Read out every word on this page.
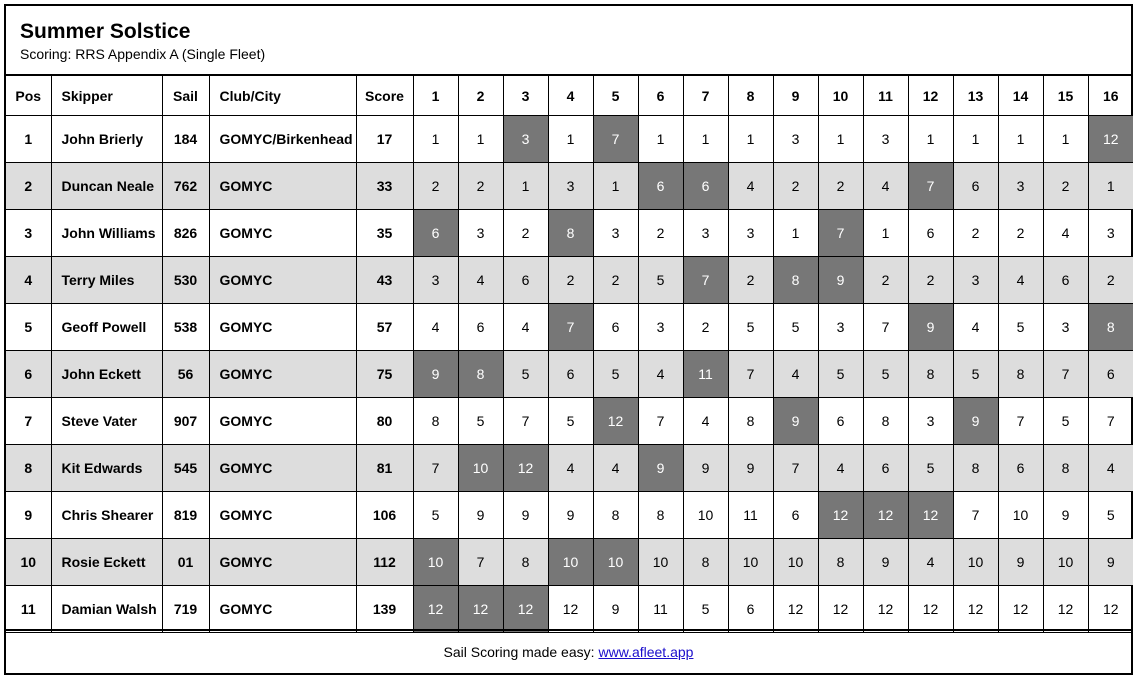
Summer Solstice
Scoring: RRS Appendix A (Single Fleet)
Pos	Skipper	Sail	Club/City	Score	1	2	3	4	5	6	7	8	9	10	11	12	13	14	15	16
1	John Brierly	184	GOMYC/Birkenhead	17	1	1	3	1	7	1	1	1	3	1	3	1	1	1	1	12
2	Duncan Neale	762	GOMYC	33	2	2	1	3	1	6	6	4	2	2	4	7	6	3	2	1
3	John Williams	826	GOMYC	35	6	3	2	8	3	2	3	3	1	7	1	6	2	2	4	3
4	Terry Miles	530	GOMYC	43	3	4	6	2	2	5	7	2	8	9	2	2	3	4	6	2
5	Geoff Powell	538	GOMYC	57	4	6	4	7	6	3	2	5	5	3	7	9	4	5	3	8
6	John Eckett	56	GOMYC	75	9	8	5	6	5	4	11	7	4	5	5	8	5	8	7	6
7	Steve Vater	907	GOMYC	80	8	5	7	5	12	7	4	8	9	6	8	3	9	7	5	7
8	Kit Edwards	545	GOMYC	81	7	10	12	4	4	9	9	9	7	4	6	5	8	6	8	4
9	Chris Shearer	819	GOMYC	106	5	9	9	9	8	8	10	11	6	12	12	12	7	10	9	5
10	Rosie Eckett	01	GOMYC	112	10	7	8	10	10	10	8	10	10	8	9	4	10	9	10	9
11	Damian Walsh	719	GOMYC	139	12	12	12	12	9	11	5	6	12	12	12	12	12	12	12	12
Sail Scoring made easy: www.afleet.app
